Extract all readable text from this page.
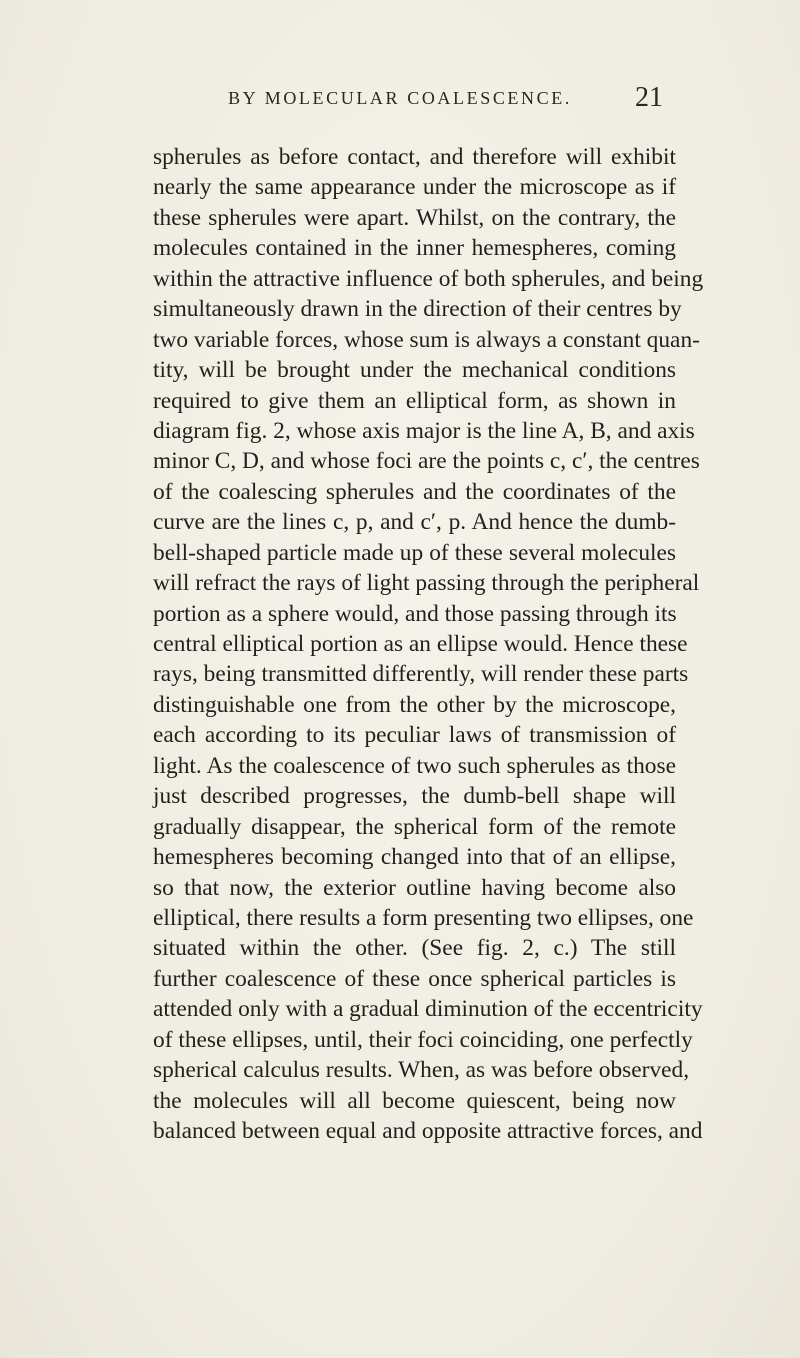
BY MOLECULAR COALESCENCE.	21
spherules as before contact, and therefore will exhibit
nearly the same appearance under the microscope as if
these spherules were apart. Whilst, on the contrary, the
molecules contained in the inner hemespheres, coming
within the attractive influence of both spherules, and being
simultaneously drawn in the direction of their centres by
two variable forces, whose sum is always a constant quan-
tity, will be brought under the mechanical conditions
required to give them an elliptical form, as shown in
diagram fig. 2, whose axis major is the line A, B, and axis
minor C, D, and whose foci are the points c, c′, the centres
of the coalescing spherules and the coordinates of the
curve are the lines c, p, and c′, p. And hence the dumb-
bell-shaped particle made up of these several molecules
will refract the rays of light passing through the peripheral
portion as a sphere would, and those passing through its
central elliptical portion as an ellipse would. Hence these
rays, being transmitted differently, will render these parts
distinguishable one from the other by the microscope,
each according to its peculiar laws of transmission of
light. As the coalescence of two such spherules as those
just described progresses, the dumb-bell shape will
gradually disappear, the spherical form of the remote
hemespheres becoming changed into that of an ellipse,
so that now, the exterior outline having become also
elliptical, there results a form presenting two ellipses, one
situated within the other. (See fig. 2, c.) The still
further coalescence of these once spherical particles is
attended only with a gradual diminution of the eccentricity
of these ellipses, until, their foci coinciding, one perfectly
spherical calculus results. When, as was before observed,
the molecules will all become quiescent, being now
balanced between equal and opposite attractive forces, and
